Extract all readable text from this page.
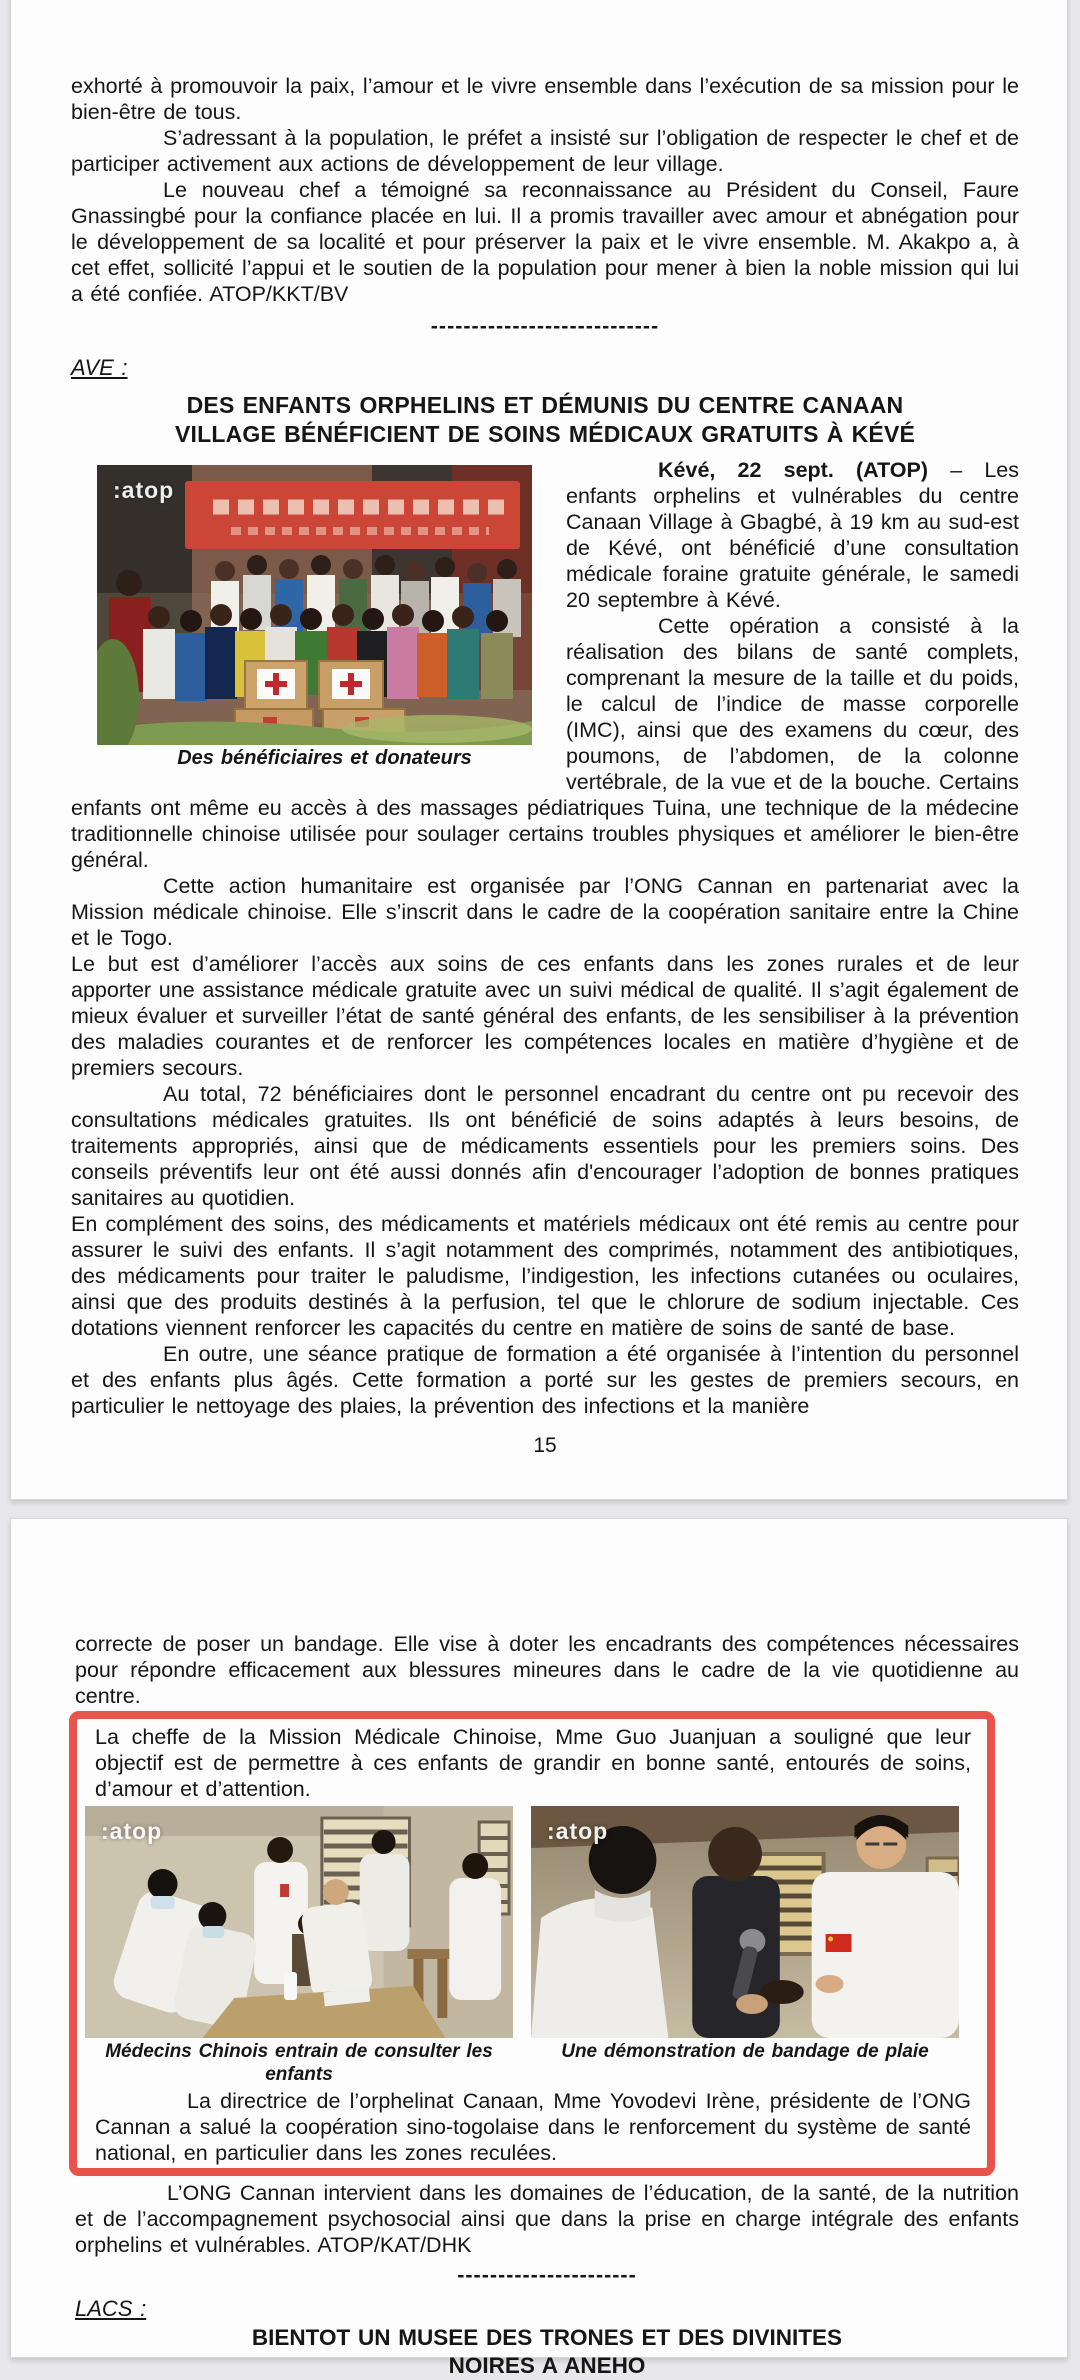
exhorté à promouvoir la paix, l’amour et le vivre ensemble dans l’exécution de sa mission pour le bien-être de tous.

S’adressant à la population, le préfet a insisté sur l’obligation de respecter le chef et de participer activement aux actions de développement de leur village.

Le nouveau chef a témoigné sa reconnaissance au Président du Conseil, Faure Gnassingbé pour la confiance placée en lui. Il a promis travailler avec amour et abnégation pour le développement de sa localité et pour préserver la paix et le vivre ensemble. M. Akakpo a, à cet effet, sollicité l’appui et le soutien de la population pour mener à bien la noble mission qui lui a été confiée. ATOP/KKT/BV

----------------------------
AVE :
DES ENFANTS ORPHELINS ET DÉMUNIS DU CENTRE CANAAN VILLAGE BÉNÉFICIENT DE SOINS MÉDICAUX GRATUITS À KÉVÉ
:atop
Des bénéficiaires et donateurs

Kévé, 22 sept. (ATOP) – Les enfants orphelins et vulnérables du centre Canaan Village à Gbagbé, à 19 km au sud-est de Kévé, ont bénéficié d’une consultation médicale foraine gratuite générale, le samedi 20 septembre à Kévé.

Cette opération a consisté à la réalisation des bilans de santé complets, comprenant la mesure de la taille et du poids, le calcul de l’indice de masse corporelle (IMC), ainsi que des examens du cœur, des poumons, de l’abdomen, de la colonne vertébrale, de la vue et de la bouche. Certains enfants ont même eu accès à des massages pédiatriques Tuina, une technique de la médecine traditionnelle chinoise utilisée pour soulager certains troubles physiques et améliorer le bien-être général.

Cette action humanitaire est organisée par l’ONG Cannan en partenariat avec la Mission médicale chinoise. Elle s’inscrit dans le cadre de la coopération sanitaire entre la Chine et le Togo.

Le but est d’améliorer l’accès aux soins de ces enfants dans les zones rurales et de leur apporter une assistance médicale gratuite avec un suivi médical de qualité. Il s’agit également de mieux évaluer et surveiller l’état de santé général des enfants, de les sensibiliser à la prévention des maladies courantes et de renforcer les compétences locales en matière d’hygiène et de premiers secours.

Au total, 72 bénéficiaires dont le personnel encadrant du centre ont pu recevoir des consultations médicales gratuites. Ils ont bénéficié de soins adaptés à leurs besoins, de traitements appropriés, ainsi que de médicaments essentiels pour les premiers soins. Des conseils préventifs leur ont été aussi donnés afin d'encourager l’adoption de bonnes pratiques sanitaires au quotidien.

En complément des soins, des médicaments et matériels médicaux ont été remis au centre pour assurer le suivi des enfants. Il s’agit notamment des comprimés, notamment des antibiotiques, des médicaments pour traiter le paludisme, l’indigestion, les infections cutanées ou oculaires, ainsi que des produits destinés à la perfusion, tel que le chlorure de sodium injectable. Ces dotations viennent renforcer les capacités du centre en matière de soins de santé de base.

En outre, une séance pratique de formation a été organisée à l’intention du personnel et des enfants plus âgés. Cette formation a porté sur les gestes de premiers secours, en particulier le nettoyage des plaies, la prévention des infections et la manière

15

correcte de poser un bandage. Elle vise à doter les encadrants des compétences nécessaires pour répondre efficacement aux blessures mineures dans le cadre de la vie quotidienne au centre.

La cheffe de la Mission Médicale Chinoise, Mme Guo Juanjuan a souligné que leur objectif est de permettre à ces enfants de grandir en bonne santé, entourés de soins, d’amour et d’attention.

:atop
Médecins Chinois entrain de consulter les enfants
:atop
Une démonstration de bandage de plaie

La directrice de l’orphelinat Canaan, Mme Yovodevi Irène, présidente de l’ONG Cannan a salué la coopération sino-togolaise dans le renforcement du système de santé national, en particulier dans les zones reculées.

L’ONG Cannan intervient dans les domaines de l’éducation, de la santé, de la nutrition et de l’accompagnement psychosocial ainsi que dans la prise en charge intégrale des enfants orphelins et vulnérables. ATOP/KAT/DHK

----------------------
LACS :
BIENTOT UN MUSEE DES TRONES ET DES DIVINITES NOIRES A ANEHO
